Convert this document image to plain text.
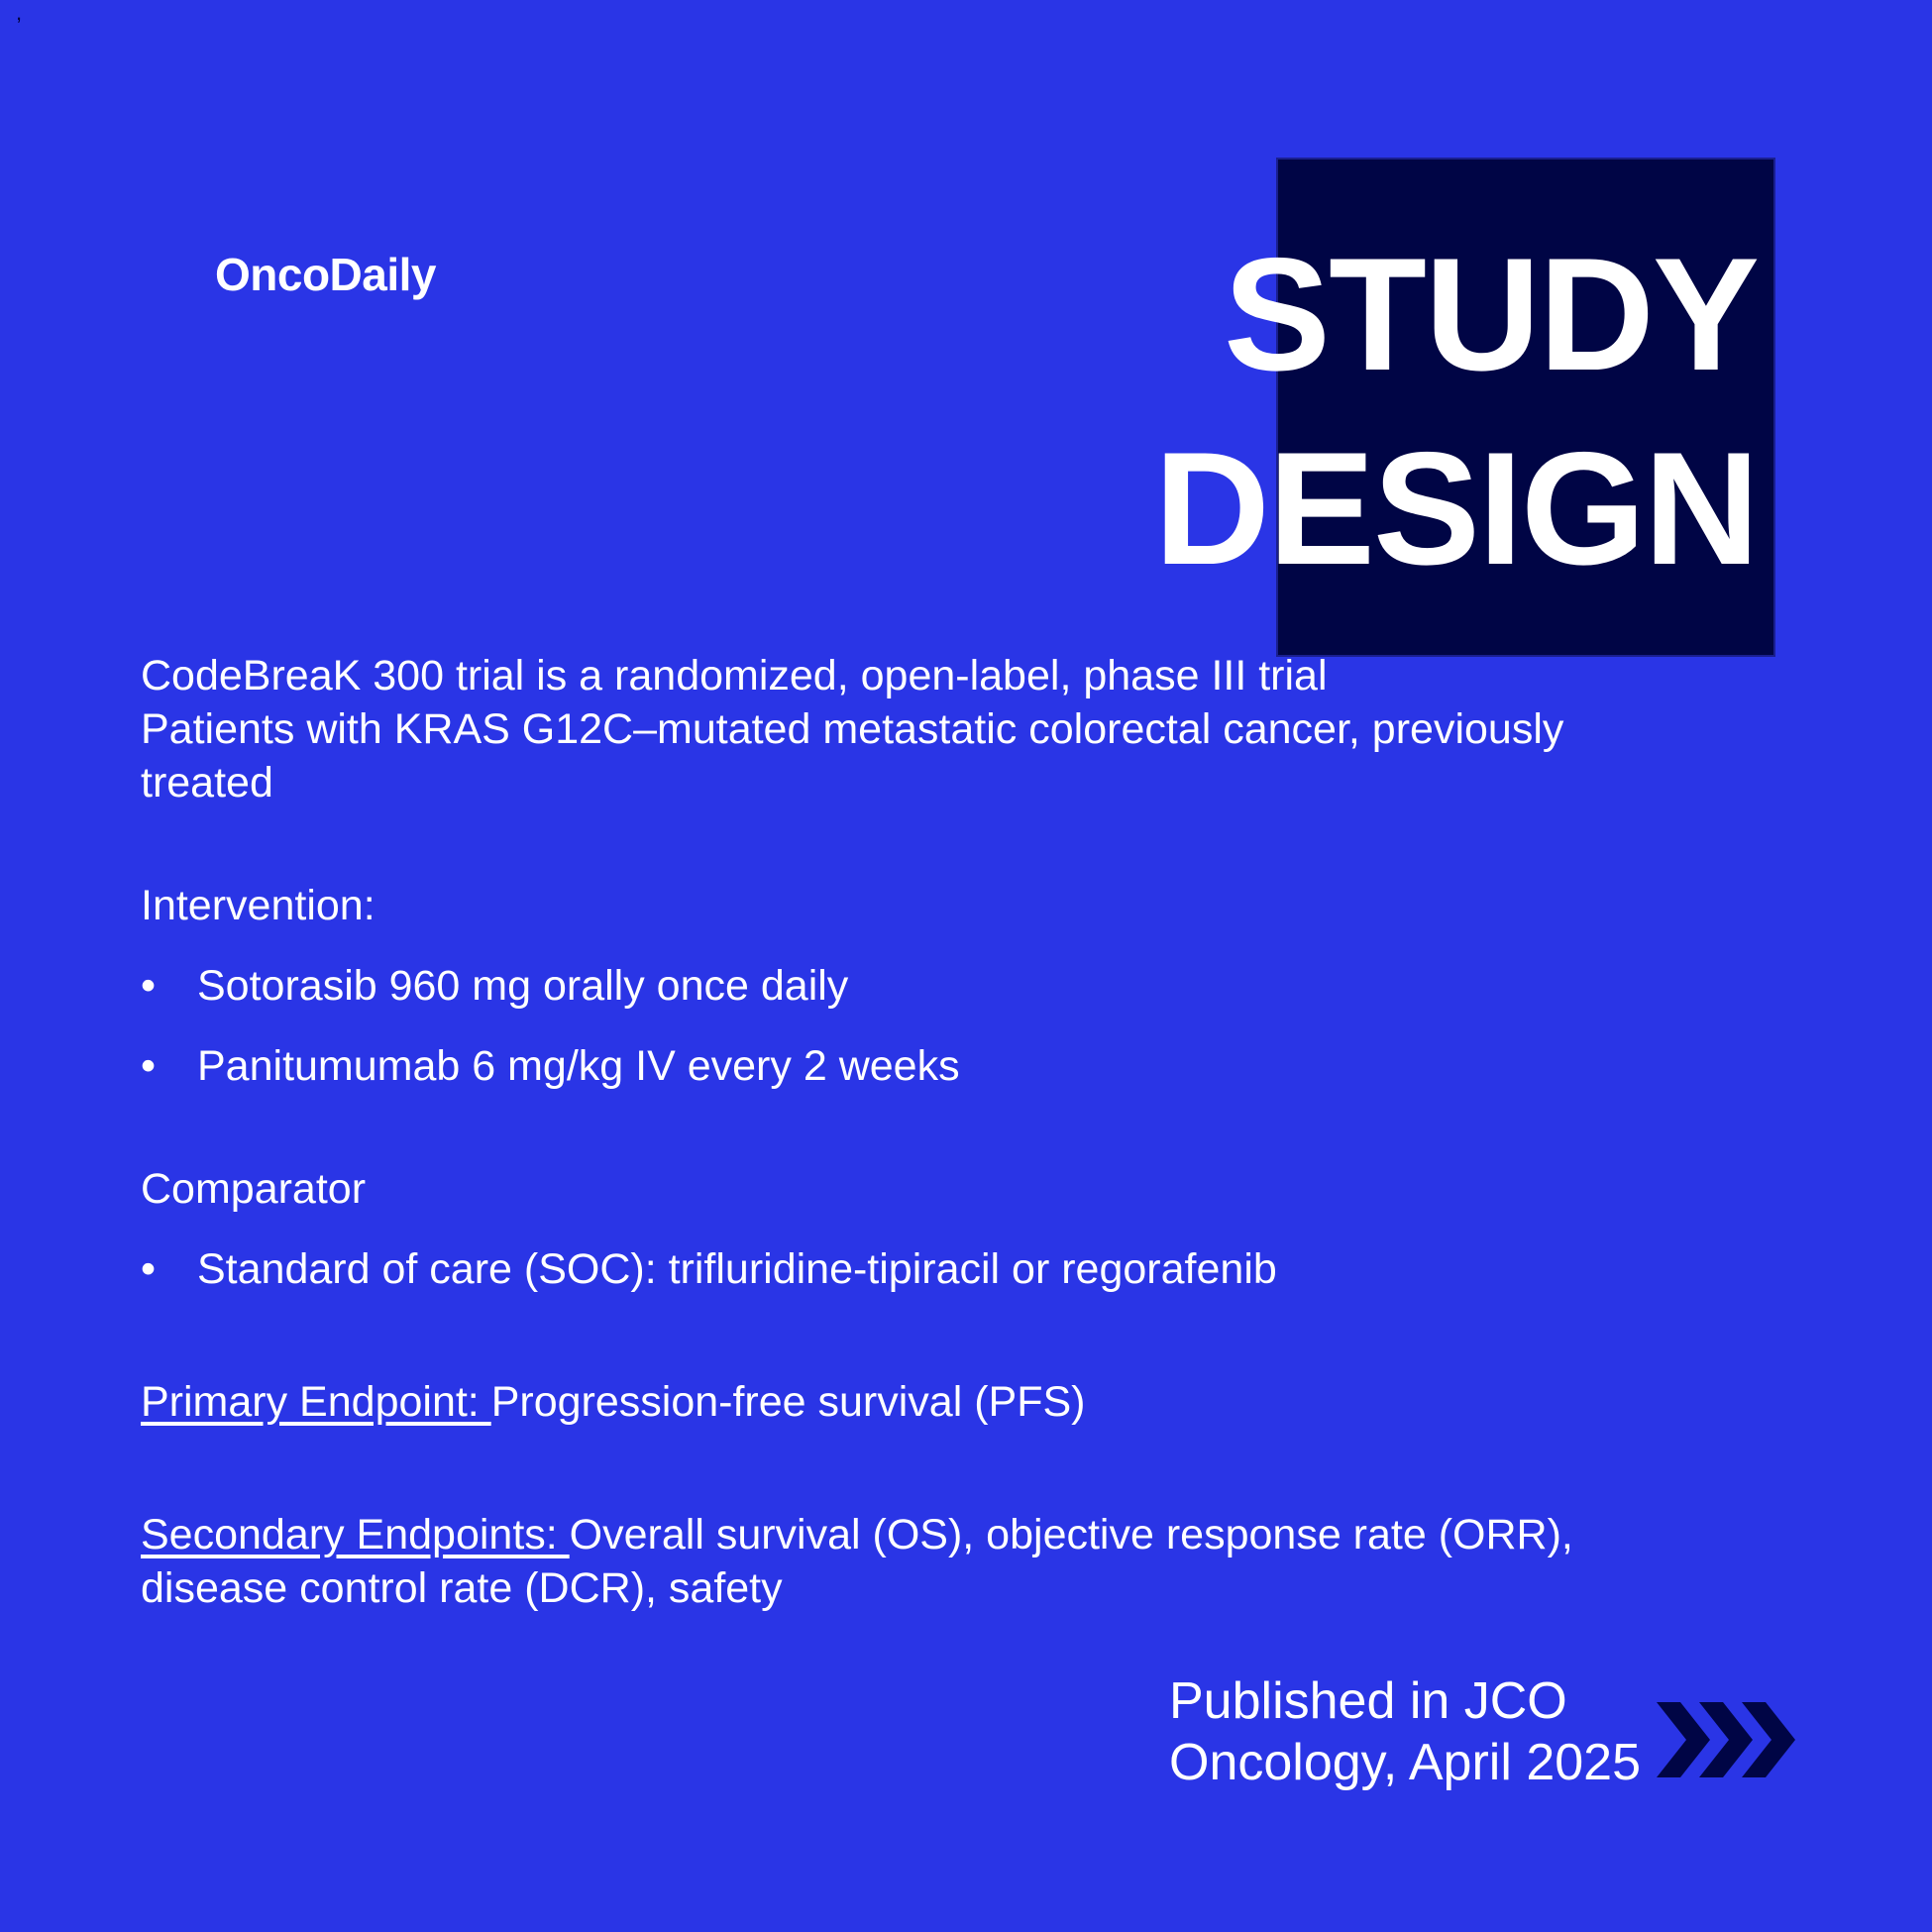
,
OncoDaily	STUDY
DESIGN

CodeBreaK 300 trial is a randomized, open-label, phase III trial
Patients with KRAS G12C–mutated metastatic colorectal cancer, previously treated

Intervention:

• Sotorasib 960 mg orally once daily
• Panitumumab 6 mg/kg IV every 2 weeks

Comparator

• Standard of care (SOC): trifluridine-tipiracil or regorafenib

Primary Endpoint: Progression-free survival (PFS)

Secondary Endpoints: Overall survival (OS), objective response rate (ORR), disease control rate (DCR), safety

Published in JCO
Oncology, April 2025
